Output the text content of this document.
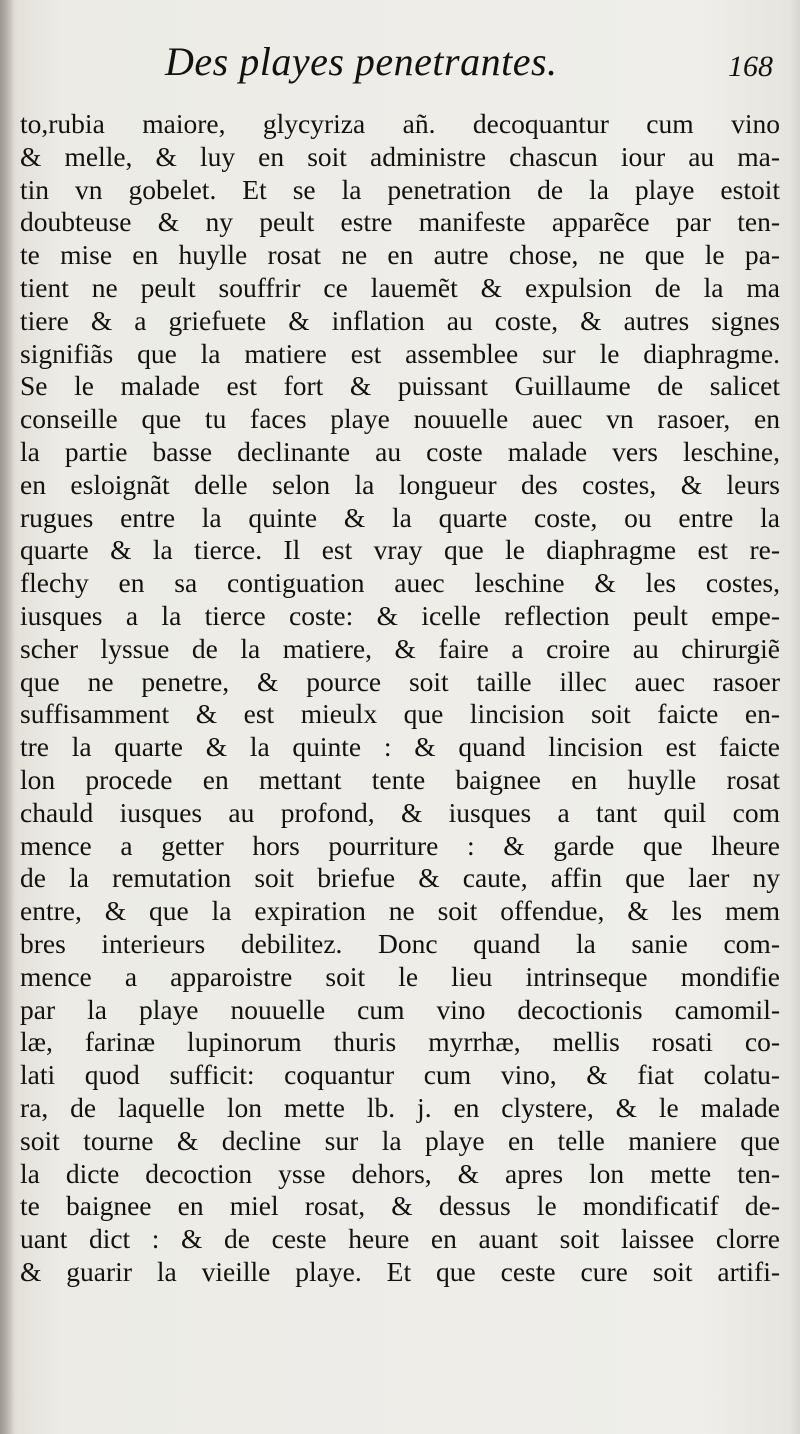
Des playes penetrantes.	168
to,rubia maiore, glycyriza añ. decoquantur cum vino
& melle, & luy en soit administre chascun iour au ma-
tin vn gobelet. Et se la penetration de la playe estoit
doubteuse & ny peult estre manifeste apparẽce par ten-
te mise en huylle rosat ne en autre chose, ne que le pa-
tient ne peult souffrir ce lauemẽt & expulsion de la ma
tiere & a griefuete & inflation au coste, & autres signes
signifiãs que la matiere est assemblee sur le diaphragme.
Se le malade est fort & puissant Guillaume de salicet
conseille que tu faces playe nouuelle auec vn rasoer, en
la partie basse declinante au coste malade vers leschine,
en esloignãt delle selon la longueur des costes, & leurs
rugues entre la quinte & la quarte coste, ou entre la
quarte & la tierce. Il est vray que le diaphragme est re-
flechy en sa contiguation auec leschine & les costes,
iusques a la tierce coste: & icelle reflection peult empe-
scher lyssue de la matiere, & faire a croire au chirurgiẽ
que ne penetre, & pource soit taille illec auec rasoer
suffisamment & est mieulx que lincision soit faicte en-
tre la quarte & la quinte : & quand lincision est faicte
lon procede en mettant tente baignee en huylle rosat
chauld iusques au profond, & iusques a tant quil com
mence a getter hors pourriture : & garde que lheure
de la remutation soit briefue & caute, affin que laer ny
entre, & que la expiration ne soit offendue, & les mem
bres interieurs debilitez. Donc quand la sanie com-
mence a apparoistre soit le lieu intrinseque mondifie
par la playe nouuelle cum vino decoctionis camomil-
læ, farinæ lupinorum thuris myrrhæ, mellis rosati co-
lati quod sufficit: coquantur cum vino, & fiat colatu-
ra, de laquelle lon mette lb. j. en clystere, & le malade
soit tourne & decline sur la playe en telle maniere que
la dicte decoction ysse dehors, & apres lon mette ten-
te baignee en miel rosat, & dessus le mondificatif de-
uant dict : & de ceste heure en auant soit laissee clorre
& guarir la vieille playe. Et que ceste cure soit artifi-
